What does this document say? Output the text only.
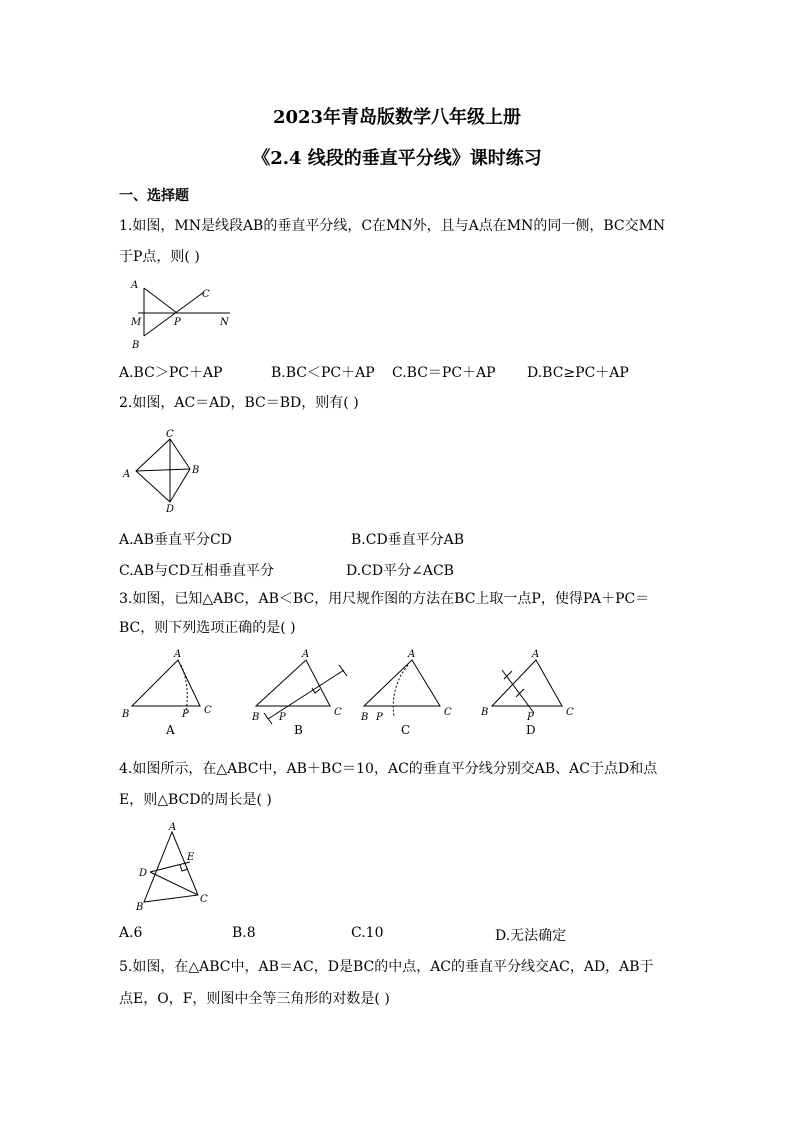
2023年青岛版数学八年级上册
《2.4 线段的垂直平分线》课时练习
一、选择题
1.如图，MN是线段AB的垂直平分线，C在MN外，且与A点在MN的同一侧，BC交MN
于P点，则( )
A
M
B
P
C
N
A.BC＞PC＋AP	B.BC＜PC＋AP C.BC＝PC＋AP D.BC≥PC＋AP
2.如图，AC＝AD，BC＝BD，则有( )
C
A	B
D
A.AB垂直平分CD	B.CD垂直平分AB
C.AB与CD互相垂直平分	D.CD平分∠ACB
3.如图，已知△ABC，AB＜BC，用尺规作图的方法在BC上取一点P，使得PA＋PC＝
BC，则下列选项正确的是( )
A
B	P C
A
A
B P	C
B
A
B P	C
C
A
B	P	C
D
4.如图所示，在△ABC中，AB＋BC＝10，AC的垂直平分线分别交AB、AC于点D和点
E，则△BCD的周长是( )
A
E
D
B
C
A.6	B.8	C.10	D.无法确定
5.如图，在△ABC中，AB＝AC，D是BC的中点，AC的垂直平分线交AC，AD，AB于
点E，O，F，则图中全等三角形的对数是( )
